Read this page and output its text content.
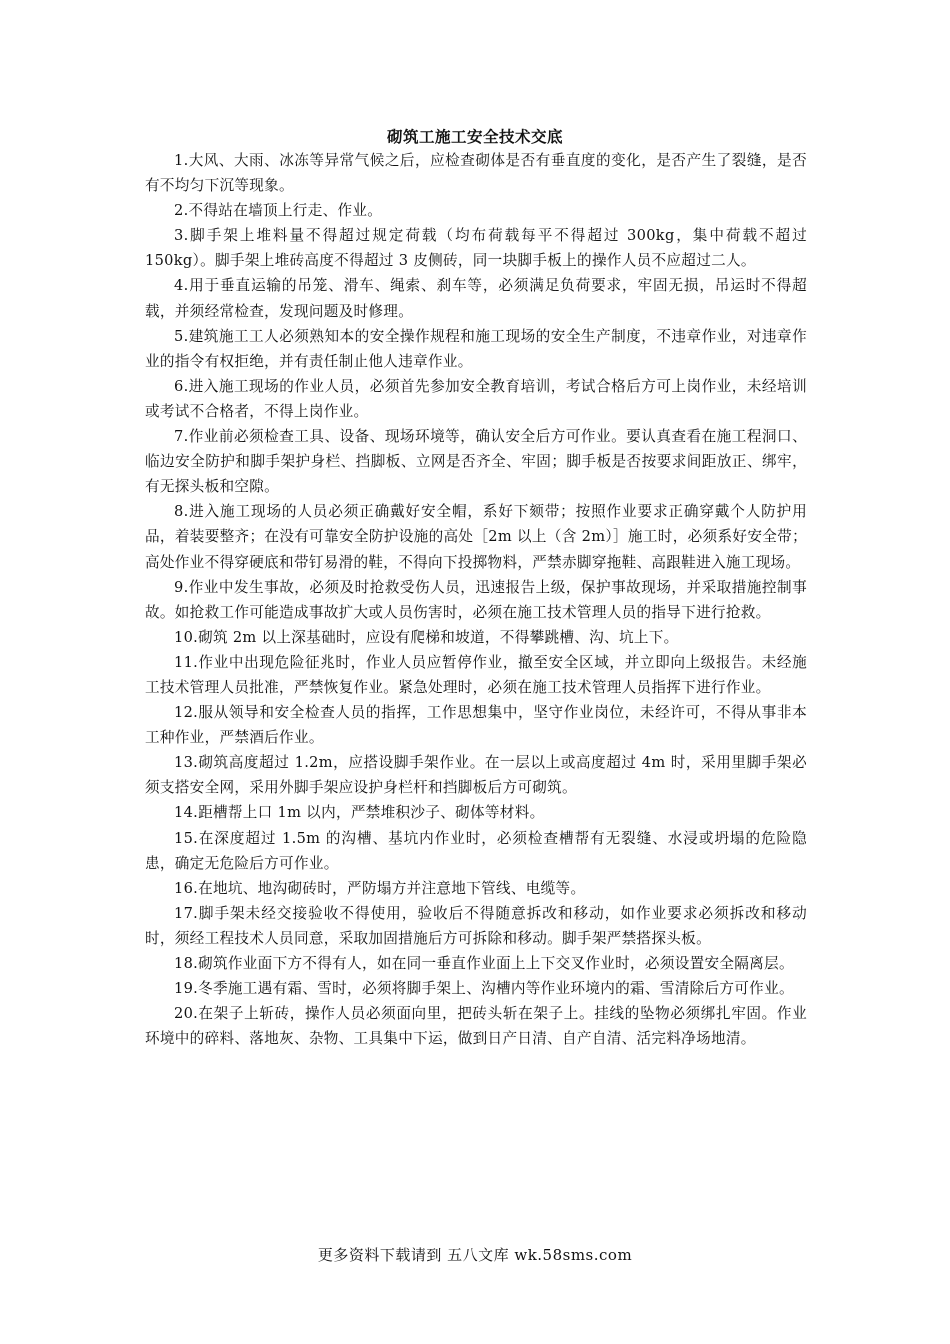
砌筑工施工安全技术交底

1.大风、大雨、冰冻等异常气候之后，应检查砌体是否有垂直度的变化，是否产生了裂缝，是否有不均匀下沉等现象。

2.不得站在墙顶上行走、作业。

3.脚手架上堆料量不得超过规定荷载（均布荷载每平不得超过 300kg，集中荷载不超过 150kg）。脚手架上堆砖高度不得超过 3 皮侧砖，同一块脚手板上的操作人员不应超过二人。

4.用于垂直运输的吊笼、滑车、绳索、刹车等，必须满足负荷要求，牢固无损，吊运时不得超载，并须经常检查，发现问题及时修理。

5.建筑施工工人必须熟知本的安全操作规程和施工现场的安全生产制度，不违章作业，对违章作业的指令有权拒绝，并有责任制止他人违章作业。

6.进入施工现场的作业人员，必须首先参加安全教育培训，考试合格后方可上岗作业，未经培训或考试不合格者，不得上岗作业。

7.作业前必须检查工具、设备、现场环境等，确认安全后方可作业。要认真查看在施工程洞口、临边安全防护和脚手架护身栏、挡脚板、立网是否齐全、牢固；脚手板是否按要求间距放正、绑牢，有无探头板和空隙。

8.进入施工现场的人员必须正确戴好安全帽，系好下颏带；按照作业要求正确穿戴个人防护用品，着装要整齐；在没有可靠安全防护设施的高处［2m 以上（含 2m）］施工时，必须系好安全带；高处作业不得穿硬底和带钉易滑的鞋，不得向下投掷物料，严禁赤脚穿拖鞋、高跟鞋进入施工现场。

9.作业中发生事故，必须及时抢救受伤人员，迅速报告上级，保护事故现场，并采取措施控制事故。如抢救工作可能造成事故扩大或人员伤害时，必须在施工技术管理人员的指导下进行抢救。

10.砌筑 2m 以上深基础时，应设有爬梯和坡道，不得攀跳槽、沟、坑上下。

11.作业中出现危险征兆时，作业人员应暂停作业，撤至安全区域，并立即向上级报告。未经施工技术管理人员批准，严禁恢复作业。紧急处理时，必须在施工技术管理人员指挥下进行作业。

12.服从领导和安全检查人员的指挥，工作思想集中，坚守作业岗位，未经许可，不得从事非本工种作业，严禁酒后作业。

13.砌筑高度超过 1.2m，应搭设脚手架作业。在一层以上或高度超过 4m 时，采用里脚手架必须支搭安全网，采用外脚手架应设护身栏杆和挡脚板后方可砌筑。

14.距槽帮上口 1m 以内，严禁堆积沙子、砌体等材料。

15.在深度超过 1.5m 的沟槽、基坑内作业时，必须检查槽帮有无裂缝、水浸或坍塌的危险隐患，确定无危险后方可作业。

16.在地坑、地沟砌砖时，严防塌方并注意地下管线、电缆等。

17.脚手架未经交接验收不得使用，验收后不得随意拆改和移动，如作业要求必须拆改和移动时，须经工程技术人员同意，采取加固措施后方可拆除和移动。脚手架严禁搭探头板。

18.砌筑作业面下方不得有人，如在同一垂直作业面上上下交叉作业时，必须设置安全隔离层。

19.冬季施工遇有霜、雪时，必须将脚手架上、沟槽内等作业环境内的霜、雪清除后方可作业。

20.在架子上斩砖，操作人员必须面向里，把砖头斩在架子上。挂线的坠物必须绑扎牢固。作业环境中的碎料、落地灰、杂物、工具集中下运，做到日产日清、自产自清、活完料净场地清。

更多资料下载请到 五八文库 wk.58sms.com
